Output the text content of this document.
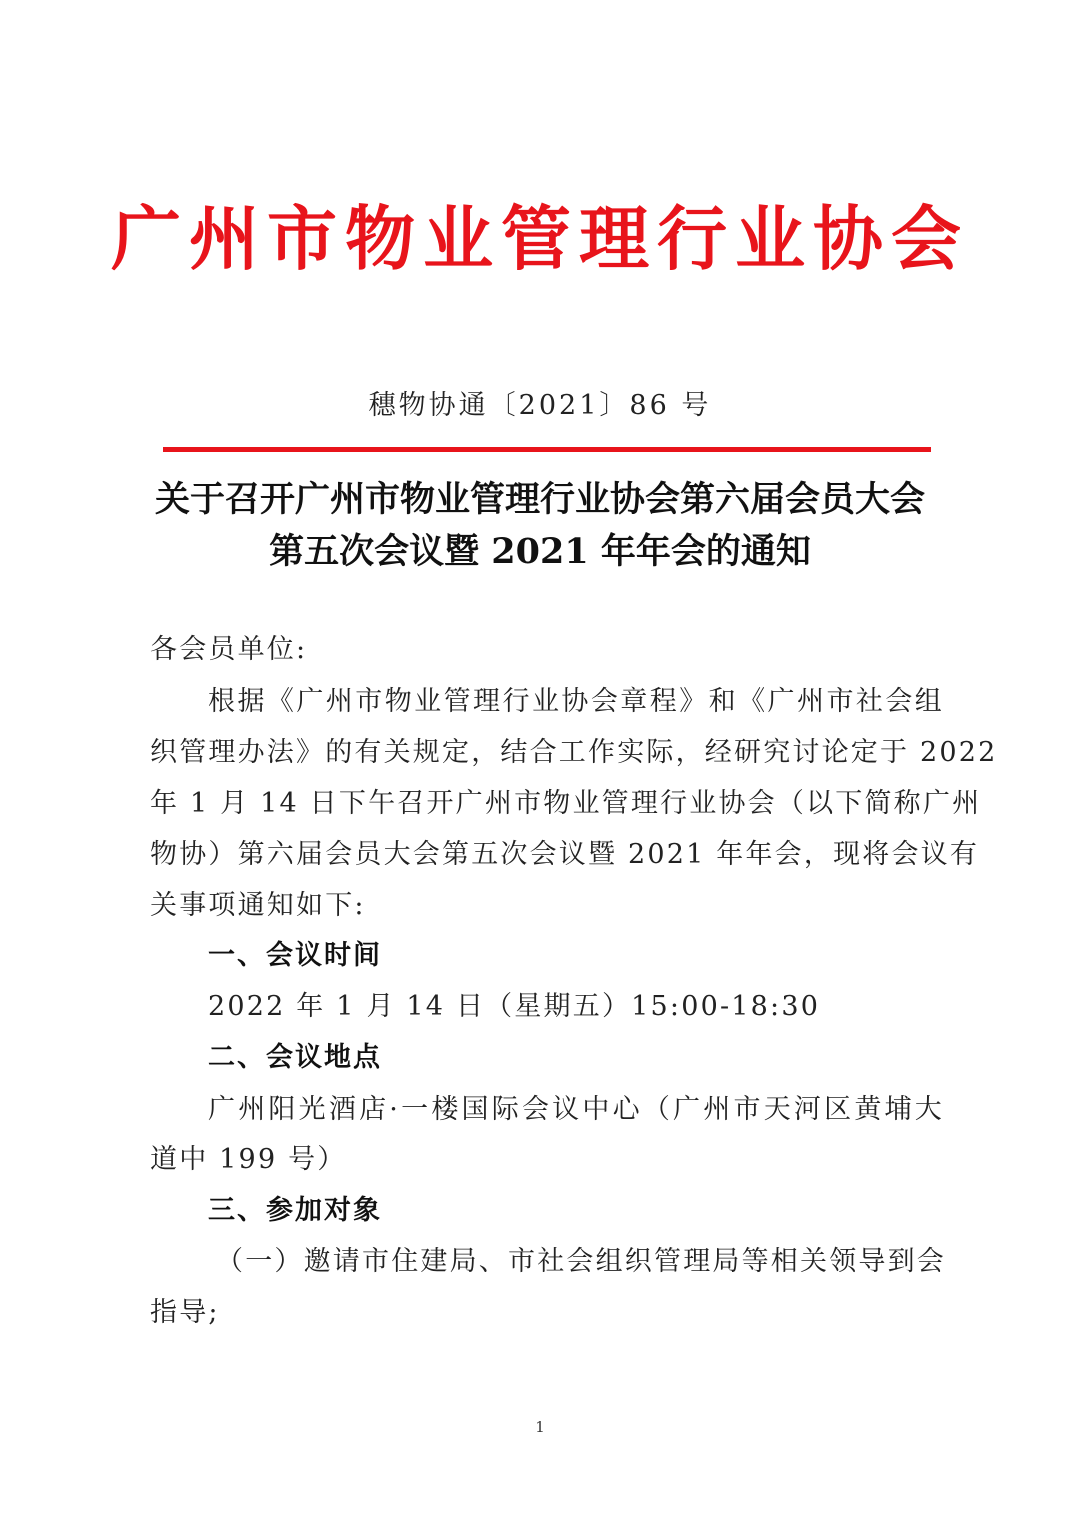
广州市物业管理行业协会
穗物协通〔2021〕86 号
关于召开广州市物业管理行业协会第六届会员大会
第五次会议暨 2021 年年会的通知
各会员单位:
根据《广州市物业管理行业协会章程》和《广州市社会组
织管理办法》的有关规定，结合工作实际，经研究讨论定于 2022
年 1 月 14 日下午召开广州市物业管理行业协会（以下简称广州
物协）第六届会员大会第五次会议暨 2021 年年会，现将会议有
关事项通知如下:
一、会议时间
2022 年 1 月 14 日（星期五）15:00-18:30
二、会议地点
广州阳光酒店·一楼国际会议中心（广州市天河区黄埔大
道中 199 号）
三、参加对象
（一）邀请市住建局、市社会组织管理局等相关领导到会
指导;
1
